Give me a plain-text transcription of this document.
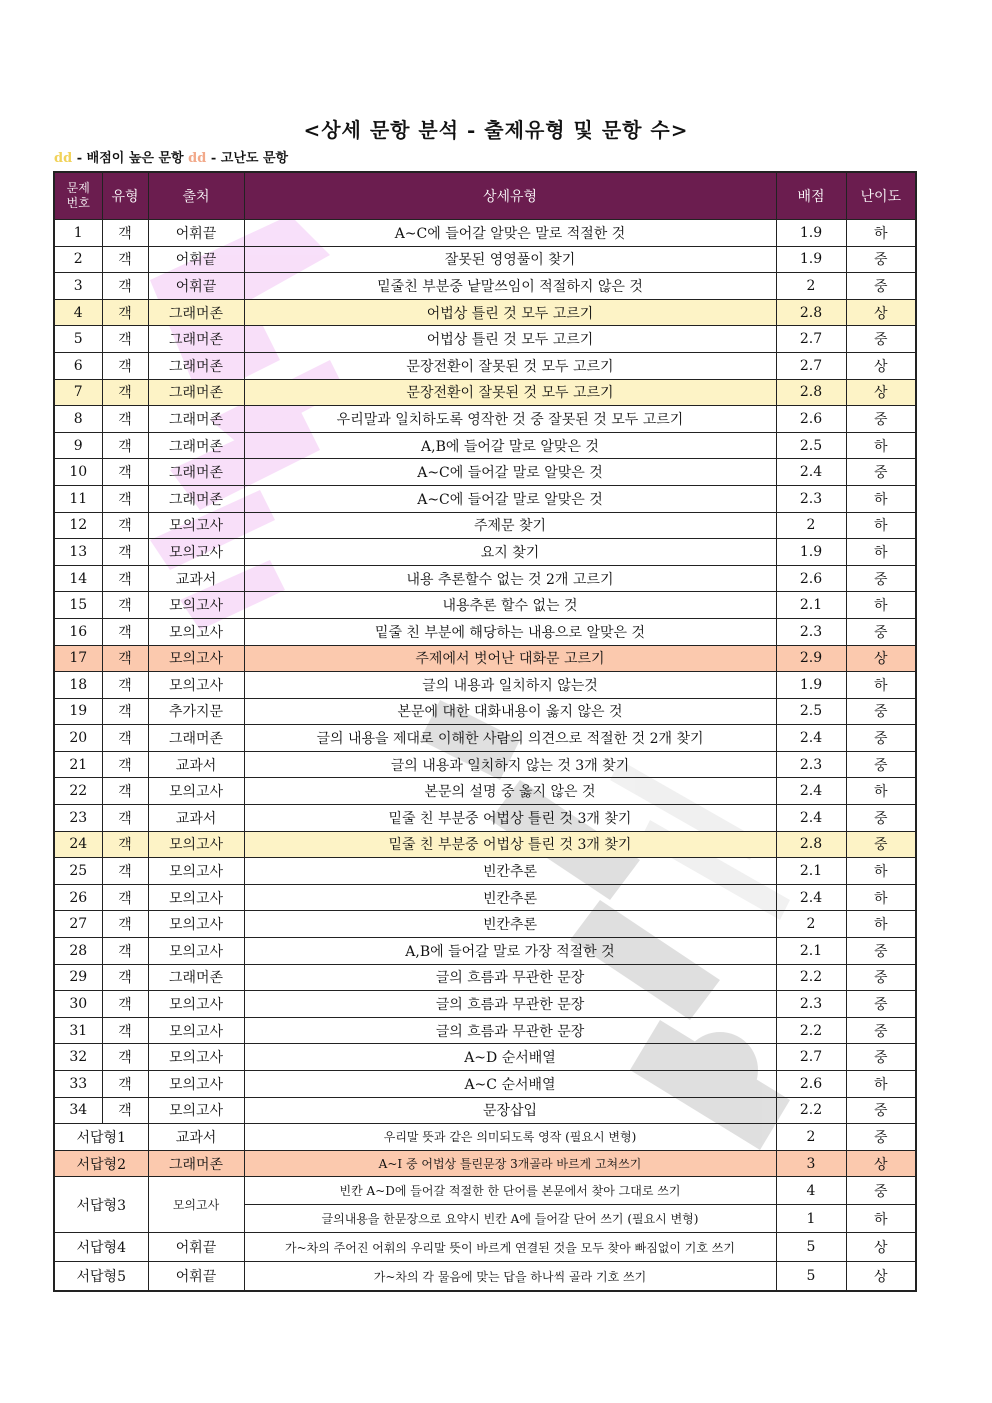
<상세 문항 분석 - 출제유형 및 문항 수>
dd - 배점이 높은 문항 dd - 고난도 문항
문제
번호	유형	출처	상세유형	배점	난이도
1	객	어휘끝	A~C에 들어갈 알맞은 말로 적절한 것	1.9	하
2	객	어휘끝	잘못된 영영풀이 찾기	1.9	중
3	객	어휘끝	밑줄친 부분중 낱말쓰임이 적절하지 않은 것	2	중
4	객	그래머존	어법상 틀린 것 모두 고르기	2.8	상
5	객	그래머존	어법상 틀린 것 모두 고르기	2.7	중
6	객	그래머존	문장전환이 잘못된 것 모두 고르기	2.7	상
7	객	그래머존	문장전환이 잘못된 것 모두 고르기	2.8	상
8	객	그래머존	우리말과 일치하도록 영작한 것 중 잘못된 것 모두 고르기	2.6	중
9	객	그래머존	A,B에 들어갈 말로 알맞은 것	2.5	하
10	객	그래머존	A~C에 들어갈 말로 알맞은 것	2.4	중
11	객	그래머존	A~C에 들어갈 말로 알맞은 것	2.3	하
12	객	모의고사	주제문 찾기	2	하
13	객	모의고사	요지 찾기	1.9	하
14	객	교과서	내용 추론할수 없는 것 2개 고르기	2.6	중
15	객	모의고사	내용추론 할수 없는 것	2.1	하
16	객	모의고사	밑줄 친 부분에 해당하는 내용으로 알맞은 것	2.3	중
17	객	모의고사	주제에서 벗어난 대화문 고르기	2.9	상
18	객	모의고사	글의 내용과 일치하지 않는것	1.9	하
19	객	추가지문	본문에 대한 대화내용이 옳지 않은 것	2.5	중
20	객	그래머존	글의 내용을 제대로 이해한 사람의 의견으로 적절한 것 2개 찾기	2.4	중
21	객	교과서	글의 내용과 일치하지 않는 것 3개 찾기	2.3	중
22	객	모의고사	본문의 설명 중 옳지 않은 것	2.4	하
23	객	교과서	밑줄 친 부분중 어법상 틀린 것 3개 찾기	2.4	중
24	객	모의고사	밑줄 친 부분중 어법상 틀린 것 3개 찾기	2.8	중
25	객	모의고사	빈칸추론	2.1	하
26	객	모의고사	빈칸추론	2.4	하
27	객	모의고사	빈칸추론	2	하
28	객	모의고사	A,B에 들어갈 말로 가장 적절한 것	2.1	중
29	객	그래머존	글의 흐름과 무관한 문장	2.2	중
30	객	모의고사	글의 흐름과 무관한 문장	2.3	중
31	객	모의고사	글의 흐름과 무관한 문장	2.2	중
32	객	모의고사	A~D 순서배열	2.7	중
33	객	모의고사	A~C 순서배열	2.6	하
34	객	모의고사	문장삽입	2.2	중
서답형1		교과서	우리말 뜻과 같은 의미되도록 영작 (필요시 변형)	2	중
서답형2		그래머존	A~I 중 어법상 틀린문장 3개골라 바르게 고쳐쓰기	3	상
서답형3		모의고사	빈칸 A~D에 들어갈 적절한 한 단어를 본문에서 찾아 그대로 쓰기	4	중
			글의내용을 한문장으로 요약시 빈칸 A에 들어갈 단어 쓰기 (필요시 변형)	1	하
서답형4		어휘끝	가~차의 주어진 어휘의 우리말 뜻이 바르게 연결된 것을 모두 찾아 빠짐없이 기호 쓰기	5	상
서답형5		어휘끝	가~차의 각 물음에 맞는 답을 하나씩 골라 기호 쓰기	5	상
